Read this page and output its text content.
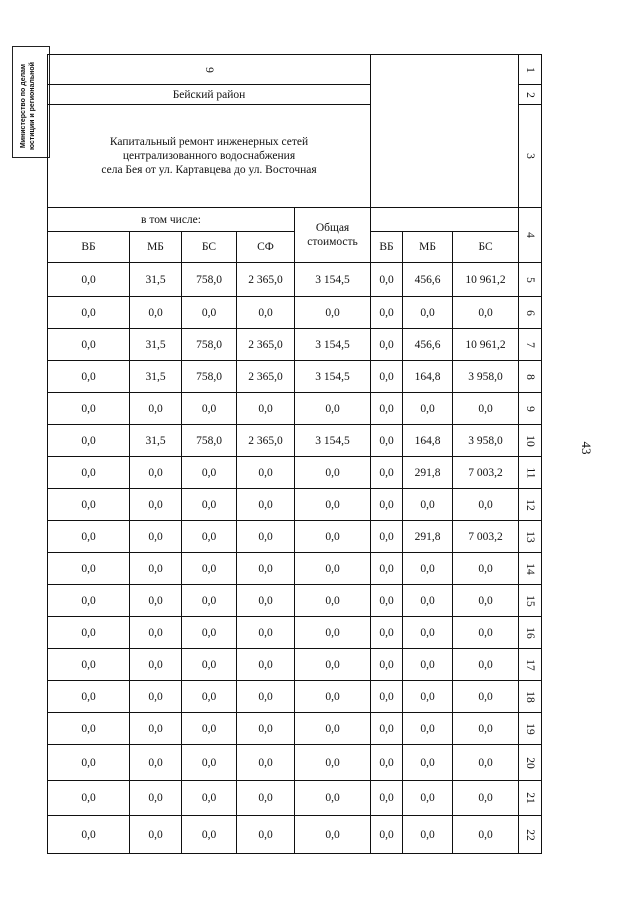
Министерство по делам юстиции и региональной
43
9								1
Бейский район								2

Капитальный ремонт инженерных сетей
централизованного водоснабжения
села Бея от ул. Картавцева до ул. Восточная								3
в том числе:				Общая
стоимость				4
ВБ	МБ	БС	СФ		ВБ	МБ	БС	
0,0	31,5	758,0	2 365,0	3 154,5	0,0	456,6	10 961,2	5
0,0	0,0	0,0	0,0	0,0	0,0	0,0	0,0	6
0,0	31,5	758,0	2 365,0	3 154,5	0,0	456,6	10 961,2	7
0,0	31,5	758,0	2 365,0	3 154,5	0,0	164,8	3 958,0	8
0,0	0,0	0,0	0,0	0,0	0,0	0,0	0,0	9
0,0	31,5	758,0	2 365,0	3 154,5	0,0	164,8	3 958,0	10
0,0	0,0	0,0	0,0	0,0	0,0	291,8	7 003,2	11
0,0	0,0	0,0	0,0	0,0	0,0	0,0	0,0	12
0,0	0,0	0,0	0,0	0,0	0,0	291,8	7 003,2	13
0,0	0,0	0,0	0,0	0,0	0,0	0,0	0,0	14
0,0	0,0	0,0	0,0	0,0	0,0	0,0	0,0	15
0,0	0,0	0,0	0,0	0,0	0,0	0,0	0,0	16
0,0	0,0	0,0	0,0	0,0	0,0	0,0	0,0	17
0,0	0,0	0,0	0,0	0,0	0,0	0,0	0,0	18
0,0	0,0	0,0	0,0	0,0	0,0	0,0	0,0	19
0,0	0,0	0,0	0,0	0,0	0,0	0,0	0,0	20
0,0	0,0	0,0	0,0	0,0	0,0	0,0	0,0	21
0,0	0,0	0,0	0,0	0,0	0,0	0,0	0,0	22
